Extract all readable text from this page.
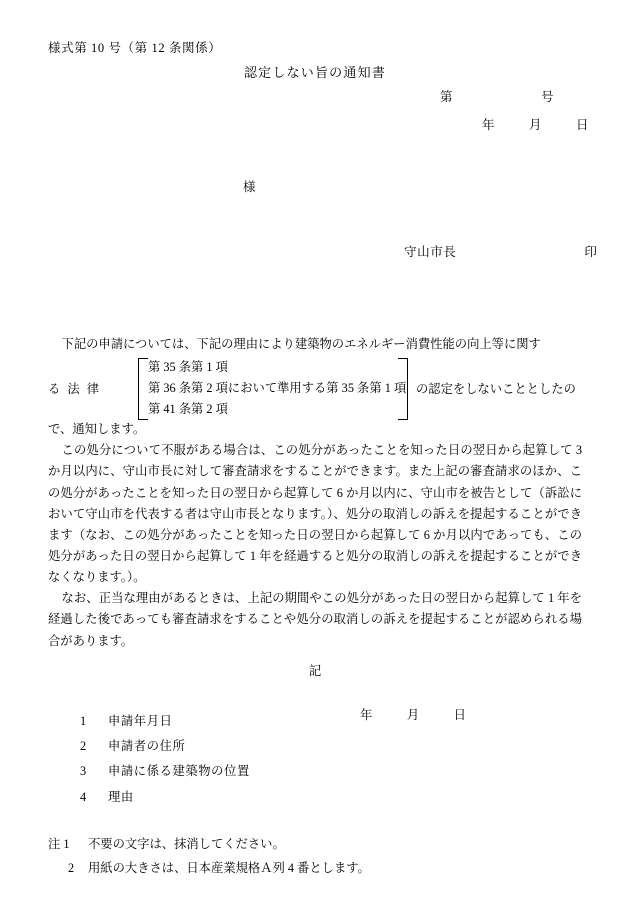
様式第 10 号（第 12 条関係）
認定しない旨の通知書
第	号
年	月	日
様
守山市長	印
下記の申請については、下記の理由により建築物のエネルギー消費性能の向上等に関す
る 法 律
第 35 条第 1 項
第 36 条第 2 項において準用する第 35 条第 1 項
第 41 条第 2 項
の認定をしないこととしたの
で、通知します。
この処分について不服がある場合は、この処分があったことを知った日の翌日から起算して 3 か月以内に、守山市長に対して審査請求をすることができます。また上記の審査請求のほか、この処分があったことを知った日の翌日から起算して 6 か月以内に、守山市を被告として（訴訟において守山市を代表する者は守山市長となります。）、処分の取消しの訴えを提起することができます（なお、この処分があったことを知った日の翌日から起算して 6 か月以内であっても、この処分があった日の翌日から起算して 1 年を経過すると処分の取消しの訴えを提起することができなくなります。）。
なお、正当な理由があるときは、上記の期間やこの処分があった日の翌日から起算して 1 年を経過した後であっても審査請求をすることや処分の取消しの訴えを提起することが認められる場合があります。
記
1 申請年月日
2 申請者の住所
3 申請に係る建築物の位置
4 理由
年	月	日
注 1 不要の文字は、抹消してください。
2 用紙の大きさは、日本産業規格Ａ列 4 番とします。
